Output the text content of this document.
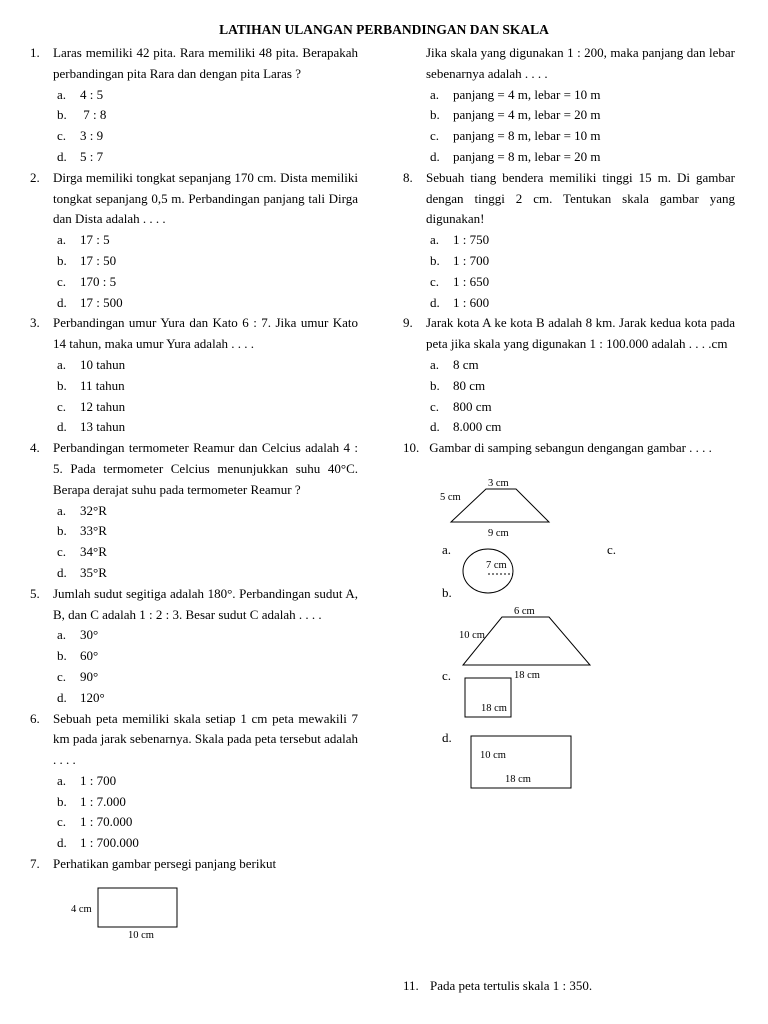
LATIHAN ULANGAN PERBANDINGAN DAN SKALA
1.	Laras memiliki 42 pita. Rara memiliki 48 pita. Berapakah perbandingan pita Rara dan dengan pita Laras ?
a.	4 : 5
b.	7 : 8
c.	3 : 9
d.	5 : 7
2.	Dirga memiliki tongkat sepanjang 170 cm. Dista memiliki tongkat sepanjang 0,5 m. Perbandingan panjang tali Dirga dan Dista adalah . . . .
a.	17 : 5
b.	17 : 50
c.	170 : 5
d.	17 : 500
3.	Perbandingan umur Yura dan Kato 6 : 7. Jika umur Kato 14 tahun, maka umur Yura adalah . . . .
a.	10 tahun
b.	11 tahun
c.	12 tahun
d.	13 tahun
4.	Perbandingan termometer Reamur dan Celcius adalah 4 : 5. Pada termometer Celcius menunjukkan suhu 40°C. Berapa derajat suhu pada termometer Reamur ?
a.	32°R
b.	33°R
c.	34°R
d.	35°R
5.	Jumlah sudut segitiga adalah 180°. Perbandingan sudut A, B, dan C adalah 1 : 2 : 3. Besar sudut C adalah . . . .
a.	30°
b.	60°
c.	90°
d.	120°
6.	Sebuah peta memiliki skala setiap 1 cm peta mewakili 7 km pada jarak sebenarnya. Skala pada peta tersebut adalah . . . .
a.	1 : 700
b.	1 : 7.000
c.	1 : 70.000
d.	1 : 700.000
7.	Perhatikan gambar persegi panjang berikut
4 cm
10 cm
Jika skala yang digunakan 1 : 200, maka panjang dan lebar sebenarnya adalah . . . .
a.	panjang = 4 m, lebar = 10 m
b.	panjang = 4 m, lebar = 20 m
c.	panjang = 8 m, lebar = 10 m
d.	panjang = 8 m, lebar = 20 m
8.	Sebuah tiang bendera memiliki tinggi 15 m. Di gambar dengan tinggi 2 cm. Tentukan skala gambar yang digunakan!
a.	1 : 750
b.	1 : 700
c.	1 : 650
d.	1 : 600
9.	Jarak kota A ke kota B adalah 8 km. Jarak kedua kota pada peta jika skala yang digunakan 1 : 100.000 adalah . . . .cm
a.	8 cm
b.	80 cm
c.	800 cm
d.	8.000 cm
10. Gambar di samping sebangun dengangan gambar . . . .
3 cm
5 cm
9 cm
a.	c.
7 cm
b.
6 cm
10 cm
18 cm
c.
18 cm
d.
10 cm
18 cm
11. Pada peta tertulis skala 1 : 350.
